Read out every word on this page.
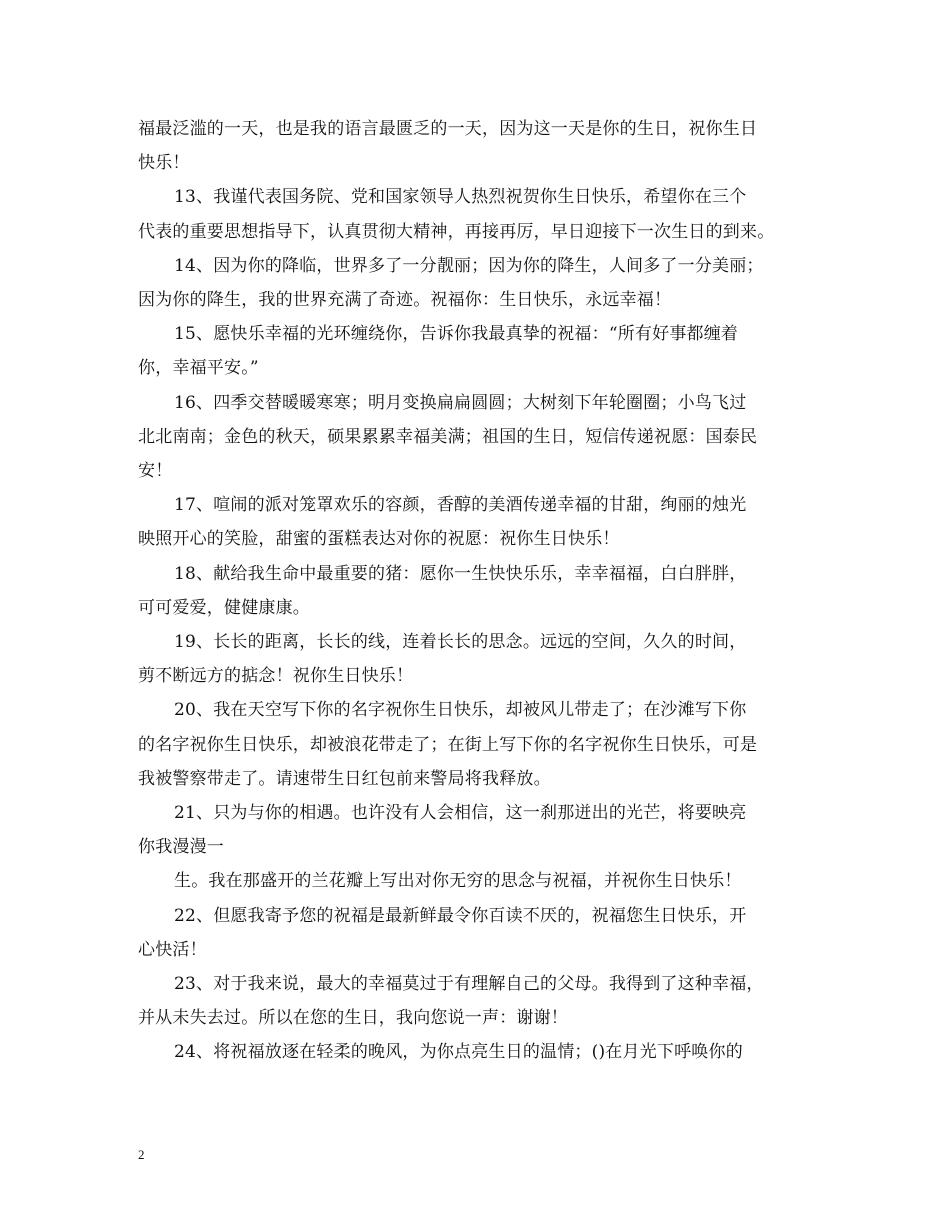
福最泛滥的一天，也是我的语言最匮乏的一天，因为这一天是你的生日，祝你生日
快乐！

13、我谨代表国务院、党和国家领导人热烈祝贺你生日快乐，希望你在三个
代表的重要思想指导下，认真贯彻大精神，再接再厉，早日迎接下一次生日的到来。

14、因为你的降临，世界多了一分靓丽；因为你的降生，人间多了一分美丽；
因为你的降生，我的世界充满了奇迹。祝福你：生日快乐，永远幸福！

15、愿快乐幸福的光环缠绕你，告诉你我最真挚的祝福：“所有好事都缠着
你，幸福平安。”

16、四季交替暖暖寒寒；明月变换扁扁圆圆；大树刻下年轮圈圈；小鸟飞过
北北南南；金色的秋天，硕果累累幸福美满；祖国的生日，短信传递祝愿：国泰民
安！

17、喧闹的派对笼罩欢乐的容颜，香醇的美酒传递幸福的甘甜，绚丽的烛光
映照开心的笑脸，甜蜜的蛋糕表达对你的祝愿：祝你生日快乐！

18、献给我生命中最重要的猪：愿你一生快快乐乐，幸幸福福，白白胖胖，
可可爱爱，健健康康。

19、长长的距离，长长的线，连着长长的思念。远远的空间，久久的时间，
剪不断远方的掂念！祝你生日快乐！

20、我在天空写下你的名字祝你生日快乐，却被风儿带走了；在沙滩写下你
的名字祝你生日快乐，却被浪花带走了；在街上写下你的名字祝你生日快乐，可是
我被警察带走了。请速带生日红包前来警局将我释放。

21、只为与你的相遇。也许没有人会相信，这一刹那迸出的光芒，将要映亮
你我漫漫一

生。我在那盛开的兰花瓣上写出对你无穷的思念与祝福，并祝你生日快乐！

22、但愿我寄予您的祝福是最新鲜最令你百读不厌的，祝福您生日快乐，开
心快活！

23、对于我来说，最大的幸福莫过于有理解自己的父母。我得到了这种幸福，
并从未失去过。所以在您的生日，我向您说一声：谢谢！

24、将祝福放逐在轻柔的晚风，为你点亮生日的温情；()在月光下呼唤你的

2
